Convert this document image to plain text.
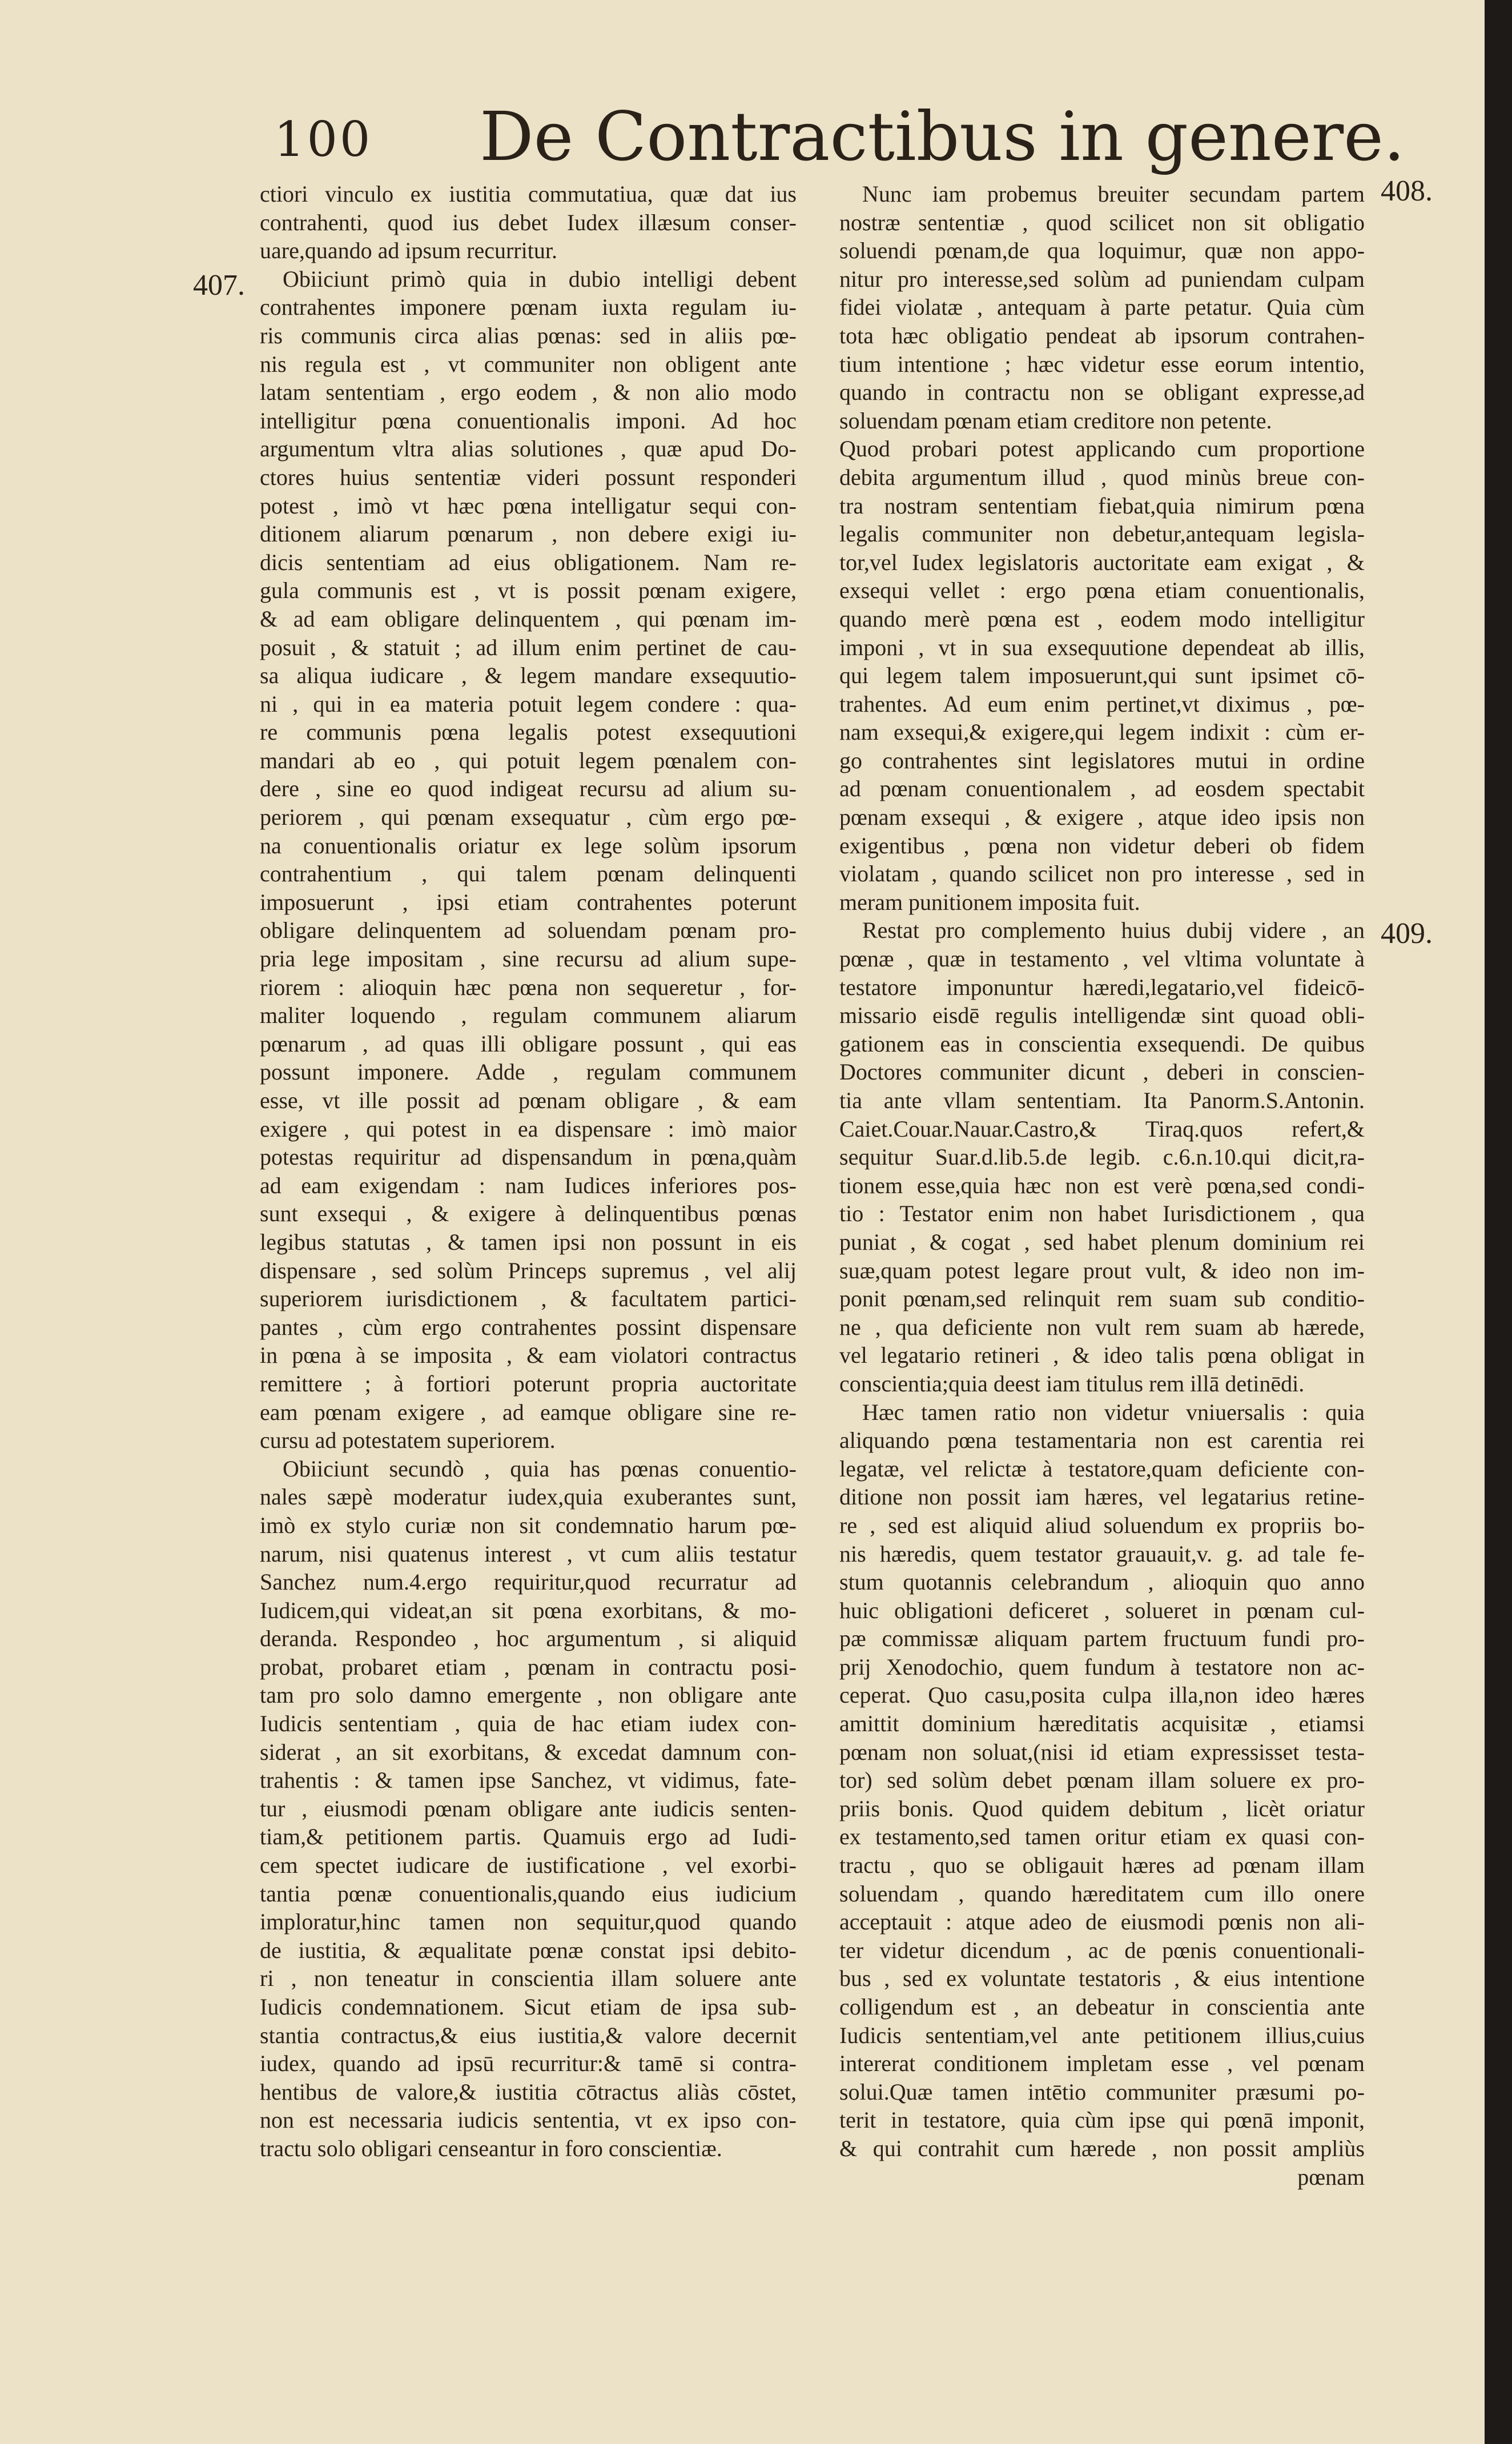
100 De Contractibus in genere.
407.
408.
409.
ctiori vinculo ex iustitia commutatiua, quæ dat ius
contrahenti, quod ius debet Iudex illæsum conser-
uare,quando ad ipsum recurritur.
Obiiciunt primò quia in dubio intelligi debent
contrahentes imponere pœnam iuxta regulam iu-
ris communis circa alias pœnas: sed in aliis pœ-
nis regula est , vt communiter non obligent ante
latam sententiam , ergo eodem , & non alio modo
intelligitur pœna conuentionalis imponi. Ad hoc
argumentum vltra alias solutiones , quæ apud Do-
ctores huius sententiæ videri possunt responderi
potest , imò vt hæc pœna intelligatur sequi con-
ditionem aliarum pœnarum , non debere exigi iu-
dicis sententiam ad eius obligationem. Nam re-
gula communis est , vt is possit pœnam exigere,
& ad eam obligare delinquentem , qui pœnam im-
posuit , & statuit ; ad illum enim pertinet de cau-
sa aliqua iudicare , & legem mandare exsequutio-
ni , qui in ea materia potuit legem condere : qua-
re communis pœna legalis potest exsequutioni
mandari ab eo , qui potuit legem pœnalem con-
dere , sine eo quod indigeat recursu ad alium su-
periorem , qui pœnam exsequatur , cùm ergo pœ-
na conuentionalis oriatur ex lege solùm ipsorum
contrahentium , qui talem pœnam delinquenti
imposuerunt , ipsi etiam contrahentes poterunt
obligare delinquentem ad soluendam pœnam pro-
pria lege impositam , sine recursu ad alium supe-
riorem : alioquin hæc pœna non sequeretur , for-
maliter loquendo , regulam communem aliarum
pœnarum , ad quas illi obligare possunt , qui eas
possunt imponere. Adde , regulam communem
esse, vt ille possit ad pœnam obligare , & eam
exigere , qui potest in ea dispensare : imò maior
potestas requiritur ad dispensandum in pœna,quàm
ad eam exigendam : nam Iudices inferiores pos-
sunt exsequi , & exigere à delinquentibus pœnas
legibus statutas , & tamen ipsi non possunt in eis
dispensare , sed solùm Princeps supremus , vel alij
superiorem iurisdictionem , & facultatem partici-
pantes , cùm ergo contrahentes possint dispensare
in pœna à se imposita , & eam violatori contractus
remittere ; à fortiori poterunt propria auctoritate
eam pœnam exigere , ad eamque obligare sine re-
cursu ad potestatem superiorem.
Obiiciunt secundò , quia has pœnas conuentio-
nales sæpè moderatur iudex,quia exuberantes sunt,
imò ex stylo curiæ non sit condemnatio harum pœ-
narum, nisi quatenus interest , vt cum aliis testatur
Sanchez num.4.ergo requiritur,quod recurratur ad
Iudicem,qui videat,an sit pœna exorbitans, & mo-
deranda. Respondeo , hoc argumentum , si aliquid
probat, probaret etiam , pœnam in contractu posi-
tam pro solo damno emergente , non obligare ante
Iudicis sententiam , quia de hac etiam iudex con-
siderat , an sit exorbitans, & excedat damnum con-
trahentis : & tamen ipse Sanchez, vt vidimus, fate-
tur , eiusmodi pœnam obligare ante iudicis senten-
tiam,& petitionem partis. Quamuis ergo ad Iudi-
cem spectet iudicare de iustificatione , vel exorbi-
tantia pœnæ conuentionalis,quando eius iudicium
imploratur,hinc tamen non sequitur,quod quando
de iustitia, & æqualitate pœnæ constat ipsi debito-
ri , non teneatur in conscientia illam soluere ante
Iudicis condemnationem. Sicut etiam de ipsa sub-
stantia contractus,& eius iustitia,& valore decernit
iudex, quando ad ipsū recurritur:& tamē si contra-
hentibus de valore,& iustitia cōtractus aliàs cōstet,
non est necessaria iudicis sententia, vt ex ipso con-
tractu solo obligari censeantur in foro conscientiæ.
Nunc iam probemus breuiter secundam partem
nostræ sententiæ , quod scilicet non sit obligatio
soluendi pœnam,de qua loquimur, quæ non appo-
nitur pro interesse,sed solùm ad puniendam culpam
fidei violatæ , antequam à parte petatur. Quia cùm
tota hæc obligatio pendeat ab ipsorum contrahen-
tium intentione ; hæc videtur esse eorum intentio,
quando in contractu non se obligant expresse,ad
soluendam pœnam etiam creditore non petente.
Quod probari potest applicando cum proportione
debita argumentum illud , quod minùs breue con-
tra nostram sententiam fiebat,quia nimirum pœna
legalis communiter non debetur,antequam legisla-
tor,vel Iudex legislatoris auctoritate eam exigat , &
exsequi vellet : ergo pœna etiam conuentionalis,
quando merè pœna est , eodem modo intelligitur
imponi , vt in sua exsequutione dependeat ab illis,
qui legem talem imposuerunt,qui sunt ipsimet cō-
trahentes. Ad eum enim pertinet,vt diximus , pœ-
nam exsequi,& exigere,qui legem indixit : cùm er-
go contrahentes sint legislatores mutui in ordine
ad pœnam conuentionalem , ad eosdem spectabit
pœnam exsequi , & exigere , atque ideo ipsis non
exigentibus , pœna non videtur deberi ob fidem
violatam , quando scilicet non pro interesse , sed in
meram punitionem imposita fuit.
Restat pro complemento huius dubij videre , an
pœnæ , quæ in testamento , vel vltima voluntate à
testatore imponuntur hæredi,legatario,vel fideicō-
missario eisdē regulis intelligendæ sint quoad obli-
gationem eas in conscientia exsequendi. De quibus
Doctores communiter dicunt , deberi in conscien-
tia ante vllam sententiam. Ita Panorm.S.Antonin.
Caiet.Couar.Nauar.Castro,& Tiraq.quos refert,&
sequitur Suar.d.lib.5.de legib. c.6.n.10.qui dicit,ra-
tionem esse,quia hæc non est verè pœna,sed condi-
tio : Testator enim non habet Iurisdictionem , qua
puniat , & cogat , sed habet plenum dominium rei
suæ,quam potest legare prout vult, & ideo non im-
ponit pœnam,sed relinquit rem suam sub conditio-
ne , qua deficiente non vult rem suam ab hærede,
vel legatario retineri , & ideo talis pœna obligat in
conscientia;quia deest iam titulus rem illā detinēdi.
Hæc tamen ratio non videtur vniuersalis : quia
aliquando pœna testamentaria non est carentia rei
legatæ, vel relictæ à testatore,quam deficiente con-
ditione non possit iam hæres, vel legatarius retine-
re , sed est aliquid aliud soluendum ex propriis bo-
nis hæredis, quem testator grauauit,v. g. ad tale fe-
stum quotannis celebrandum , alioquin quo anno
huic obligationi deficeret , solueret in pœnam cul-
pæ commissæ aliquam partem fructuum fundi pro-
prij Xenodochio, quem fundum à testatore non ac-
ceperat. Quo casu,posita culpa illa,non ideo hæres
amittit dominium hæreditatis acquisitæ , etiamsi
pœnam non soluat,(nisi id etiam expressisset testa-
tor) sed solùm debet pœnam illam soluere ex pro-
priis bonis. Quod quidem debitum , licèt oriatur
ex testamento,sed tamen oritur etiam ex quasi con-
tractu , quo se obligauit hæres ad pœnam illam
soluendam , quando hæreditatem cum illo onere
acceptauit : atque adeo de eiusmodi pœnis non ali-
ter videtur dicendum , ac de pœnis conuentionali-
bus , sed ex voluntate testatoris , & eius intentione
colligendum est , an debeatur in conscientia ante
Iudicis sententiam,vel ante petitionem illius,cuius
intererat conditionem impletam esse , vel pœnam
solui.Quæ tamen intētio communiter præsumi po-
terit in testatore, quia cùm ipse qui pœnā imponit,
& qui contrahit cum hærede , non possit ampliùs
pœnam
